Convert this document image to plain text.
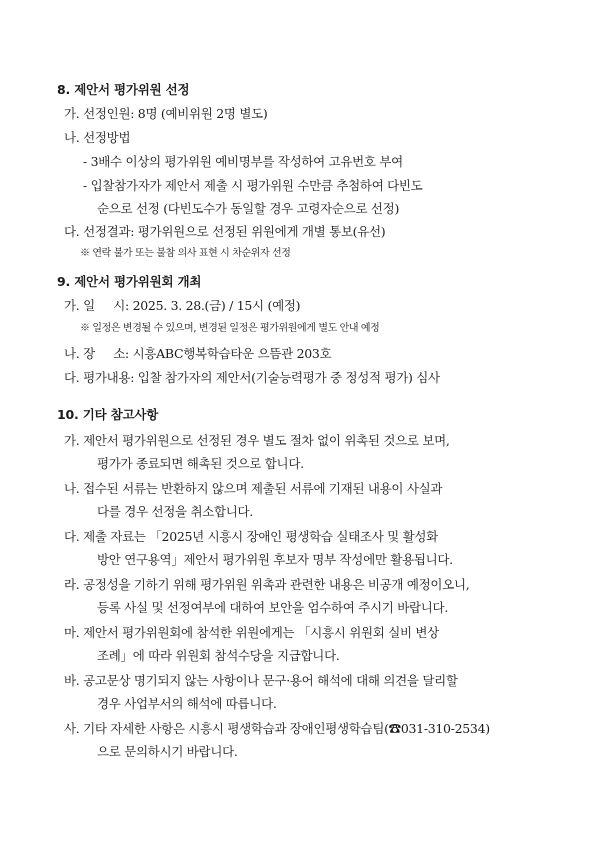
8. 제안서 평가위원 선정
가. 선정인원: 8명 (예비위원 2명 별도)
나. 선정방법
- 3배수 이상의 평가위원 예비명부를 작성하여 고유번호 부여
- 입찰참가자가 제안서 제출 시 평가위원 수만큼 추첨하여 다빈도
순으로 선정 (다빈도수가 동일할 경우 고령자순으로 선정)
다. 선정결과: 평가위원으로 선정된 위원에게 개별 통보(유선)
※ 연락 불가 또는 불참 의사 표현 시 차순위자 선정
9. 제안서 평가위원회 개최
가. 일     시: 2025. 3. 28.(금) / 15시 (예정)
※ 일정은 변경될 수 있으며, 변경된 일정은 평가위원에게 별도 안내 예정
나. 장     소: 시흥ABC행복학습타운 으뜸관 203호
다. 평가내용: 입찰 참가자의 제안서(기술능력평가 중 정성적 평가) 심사
10. 기타 참고사항
가. 제안서 평가위원으로 선정된 경우 별도 절차 없이 위촉된 것으로 보며,
평가가 종료되면 해촉된 것으로 합니다.
나. 접수된 서류는 반환하지 않으며 제출된 서류에 기재된 내용이 사실과
다를 경우 선정을 취소합니다.
다. 제출 자료는 「2025년 시흥시 장애인 평생학습 실태조사 및 활성화
방안 연구용역」제안서 평가위원 후보자 명부 작성에만 활용됩니다.
라. 공정성을 기하기 위해 평가위원 위촉과 관련한 내용은 비공개 예정이오니,
등록 사실 및 선정여부에 대하여 보안을 엄수하여 주시기 바랍니다.
마. 제안서 평가위원회에 참석한 위원에게는 「시흥시 위원회 실비 변상
조례」에 따라 위원회 참석수당을 지급합니다.
바. 공고문상 명기되지 않는 사항이나 문구·용어 해석에 대해 의견을 달리할
경우 사업부서의 해석에 따릅니다.
사. 기타 자세한 사항은 시흥시 평생학습과 장애인평생학습팀(☎031-310-2534)
으로 문의하시기 바랍니다.
